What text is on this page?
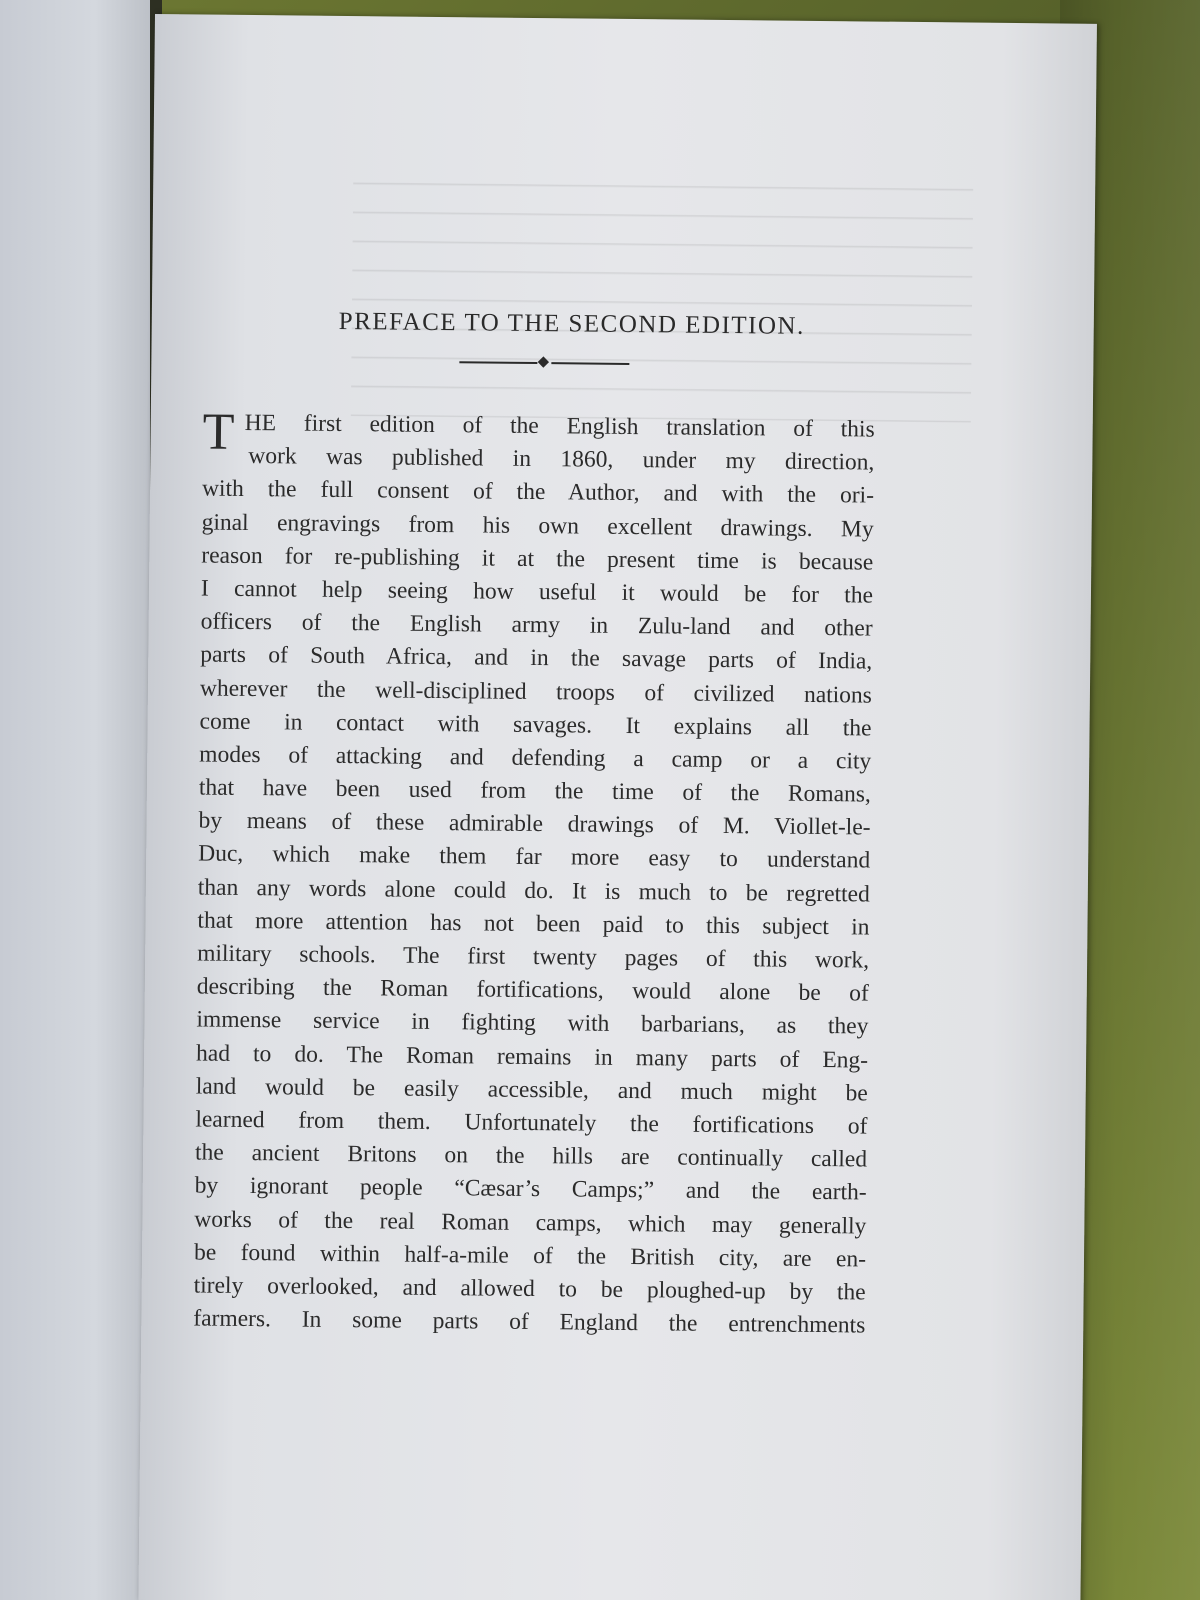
PREFACE TO THE SECOND EDITION.
T HE first edition of the English translation of this
work was published in 1860, under my direction,
with the full consent of the Author, and with the ori-
ginal engravings from his own excellent drawings. My
reason for re-publishing it at the present time is because
I cannot help seeing how useful it would be for the
officers of the English army in Zulu-land and other
parts of South Africa, and in the savage parts of India,
wherever the well-disciplined troops of civilized nations
come in contact with savages. It explains all the
modes of attacking and defending a camp or a city
that have been used from the time of the Romans,
by means of these admirable drawings of M. Viollet-le-
Duc, which make them far more easy to understand
than any words alone could do. It is much to be regretted
that more attention has not been paid to this subject in
military schools. The first twenty pages of this work,
describing the Roman fortifications, would alone be of
immense service in fighting with barbarians, as they
had to do. The Roman remains in many parts of Eng-
land would be easily accessible, and much might be
learned from them. Unfortunately the fortifications of
the ancient Britons on the hills are continually called
by ignorant people “Cæsar’s Camps;” and the earth-
works of the real Roman camps, which may generally
be found within half-a-mile of the British city, are en-
tirely overlooked, and allowed to be ploughed-up by the
farmers. In some parts of England the entrenchments
